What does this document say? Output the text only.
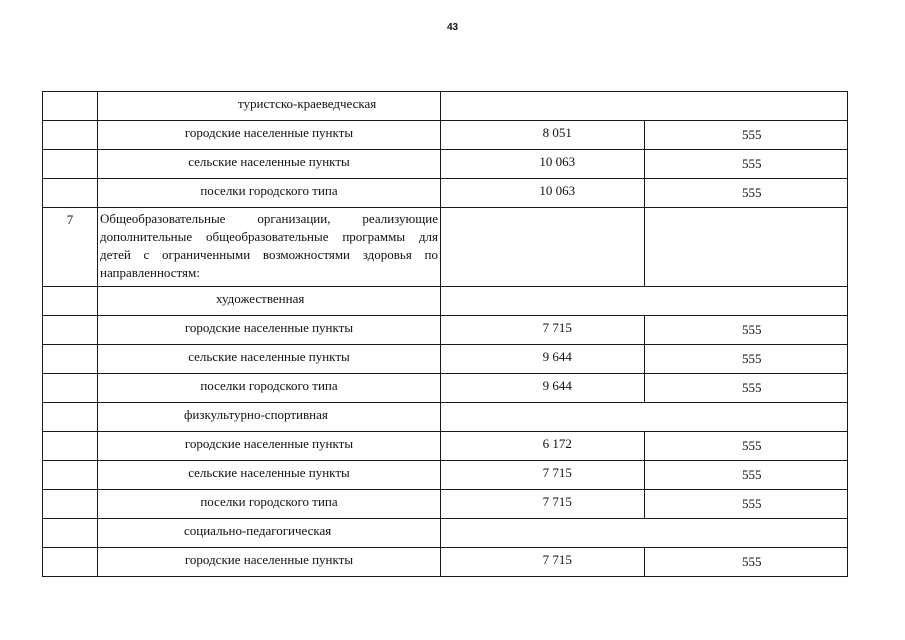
43

	туристско-краеведческая		

	городские населенные пункты	8 051	555

	сельские населенные пункты	10 063	555

	поселки городского типа	10 063	555

7	Общеобразовательные организации, реализующие дополнительные общеобразовательные программы для детей с ограниченными возможностями здоровья по направленностям:		

	художественная		

	городские населенные пункты	7 715	555

	сельские населенные пункты	9 644	555

	поселки городского типа	9 644	555

	физкультурно-спортивная		

	городские населенные пункты	6 172	555

	сельские населенные пункты	7 715	555

	поселки городского типа	7 715	555

	социально-педагогическая		

	городские населенные пункты	7 715	555
